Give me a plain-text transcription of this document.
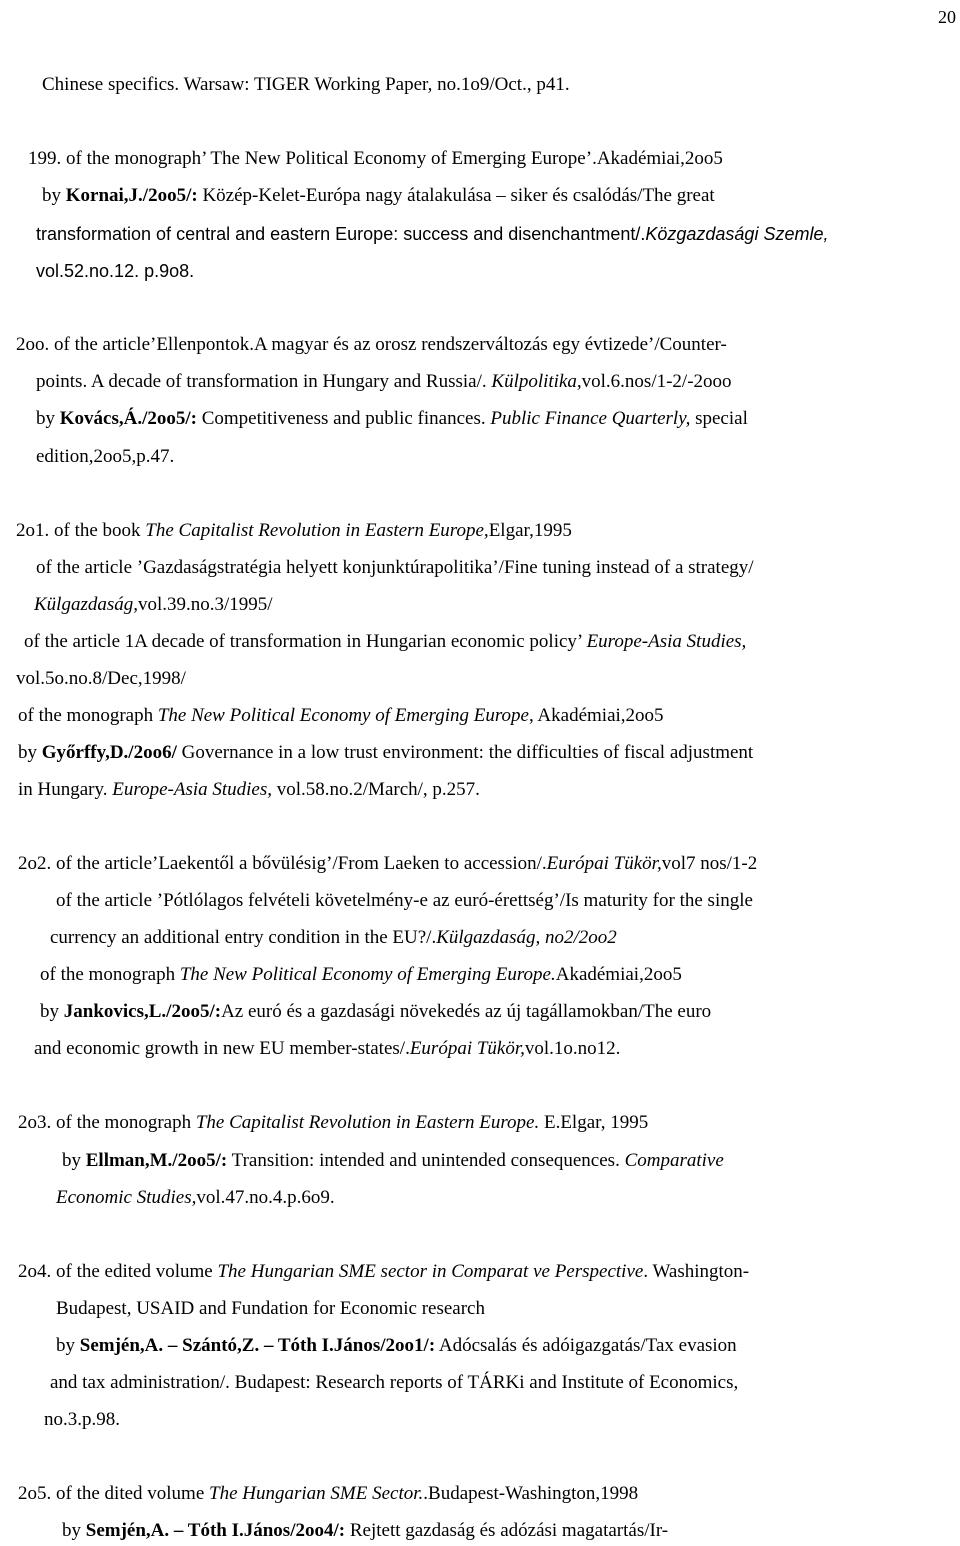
20
Chinese specifics. Warsaw: TIGER Working Paper, no.1o9/Oct., p41.
199. of the monograph’ The New Political Economy of Emerging Europe’.Akadémiai,2oo5
by Kornai,J./2oo5/: Közép-Kelet-Európa nagy átalakulása – siker és csalódás/The great
transformation of central and eastern Europe: success and disenchantment/.Közgazdasági Szemle,
vol.52.no.12. p.9o8.
2oo. of the article’Ellenpontok.A magyar és az orosz rendszerváltozás egy évtizede’/Counter-
points. A decade of transformation in Hungary and Russia/. Külpolitika,vol.6.nos/1-2/-2ooo
by Kovács,Á./2oo5/: Competitiveness and public finances. Public Finance Quarterly, special
edition,2oo5,p.47.
2o1. of the book The Capitalist Revolution in Eastern Europe,Elgar,1995
of the article ’Gazdaságstratégia helyett konjunktúrapolitika’/Fine tuning instead of a strategy/
Külgazdaság,vol.39.no.3/1995/
of the article 1A decade of transformation in Hungarian economic policy’ Europe-Asia Studies,
vol.5o.no.8/Dec,1998/
of the monograph The New Political Economy of Emerging Europe, Akadémiai,2oo5
by Győrffy,D./2oo6/ Governance in a low trust environment: the difficulties of fiscal adjustment
in Hungary. Europe-Asia Studies, vol.58.no.2/March/, p.257.
2o2. of the article’Laekentől a bővülésig’/From Laeken to accession/.Európai Tükör,vol7 nos/1-2
of the article ’Pótlólagos felvételi követelmény-e az euró-érettség’/Is maturity for the single
currency an additional entry condition in the EU?/.Külgazdaság, no2/2oo2
of the monograph The New Political Economy of Emerging Europe.Akadémiai,2oo5
by Jankovics,L./2oo5/:Az euró és a gazdasági növekedés az új tagállamokban/The euro
and economic growth in new EU member-states/.Európai Tükör,vol.1o.no12.
2o3. of the monograph The Capitalist Revolution in Eastern Europe. E.Elgar, 1995
by Ellman,M./2oo5/: Transition: intended and unintended consequences. Comparative
Economic Studies,vol.47.no.4.p.6o9.
2o4. of the edited volume The Hungarian SME sector in Comparat ve Perspective. Washington-
Budapest, USAID and Fundation for Economic research
by Semjén,A. – Szántó,Z. – Tóth I.János/2oo1/: Adócsalás és adóigazgatás/Tax evasion
and tax administration/. Budapest: Research reports of TÁRKi and Institute of Economics,
no.3.p.98.
2o5. of the dited volume The Hungarian SME Sector..Budapest-Washington,1998
by Semjén,A. – Tóth I.János/2oo4/: Rejtett gazdaság és adózási magatartás/Ir-
